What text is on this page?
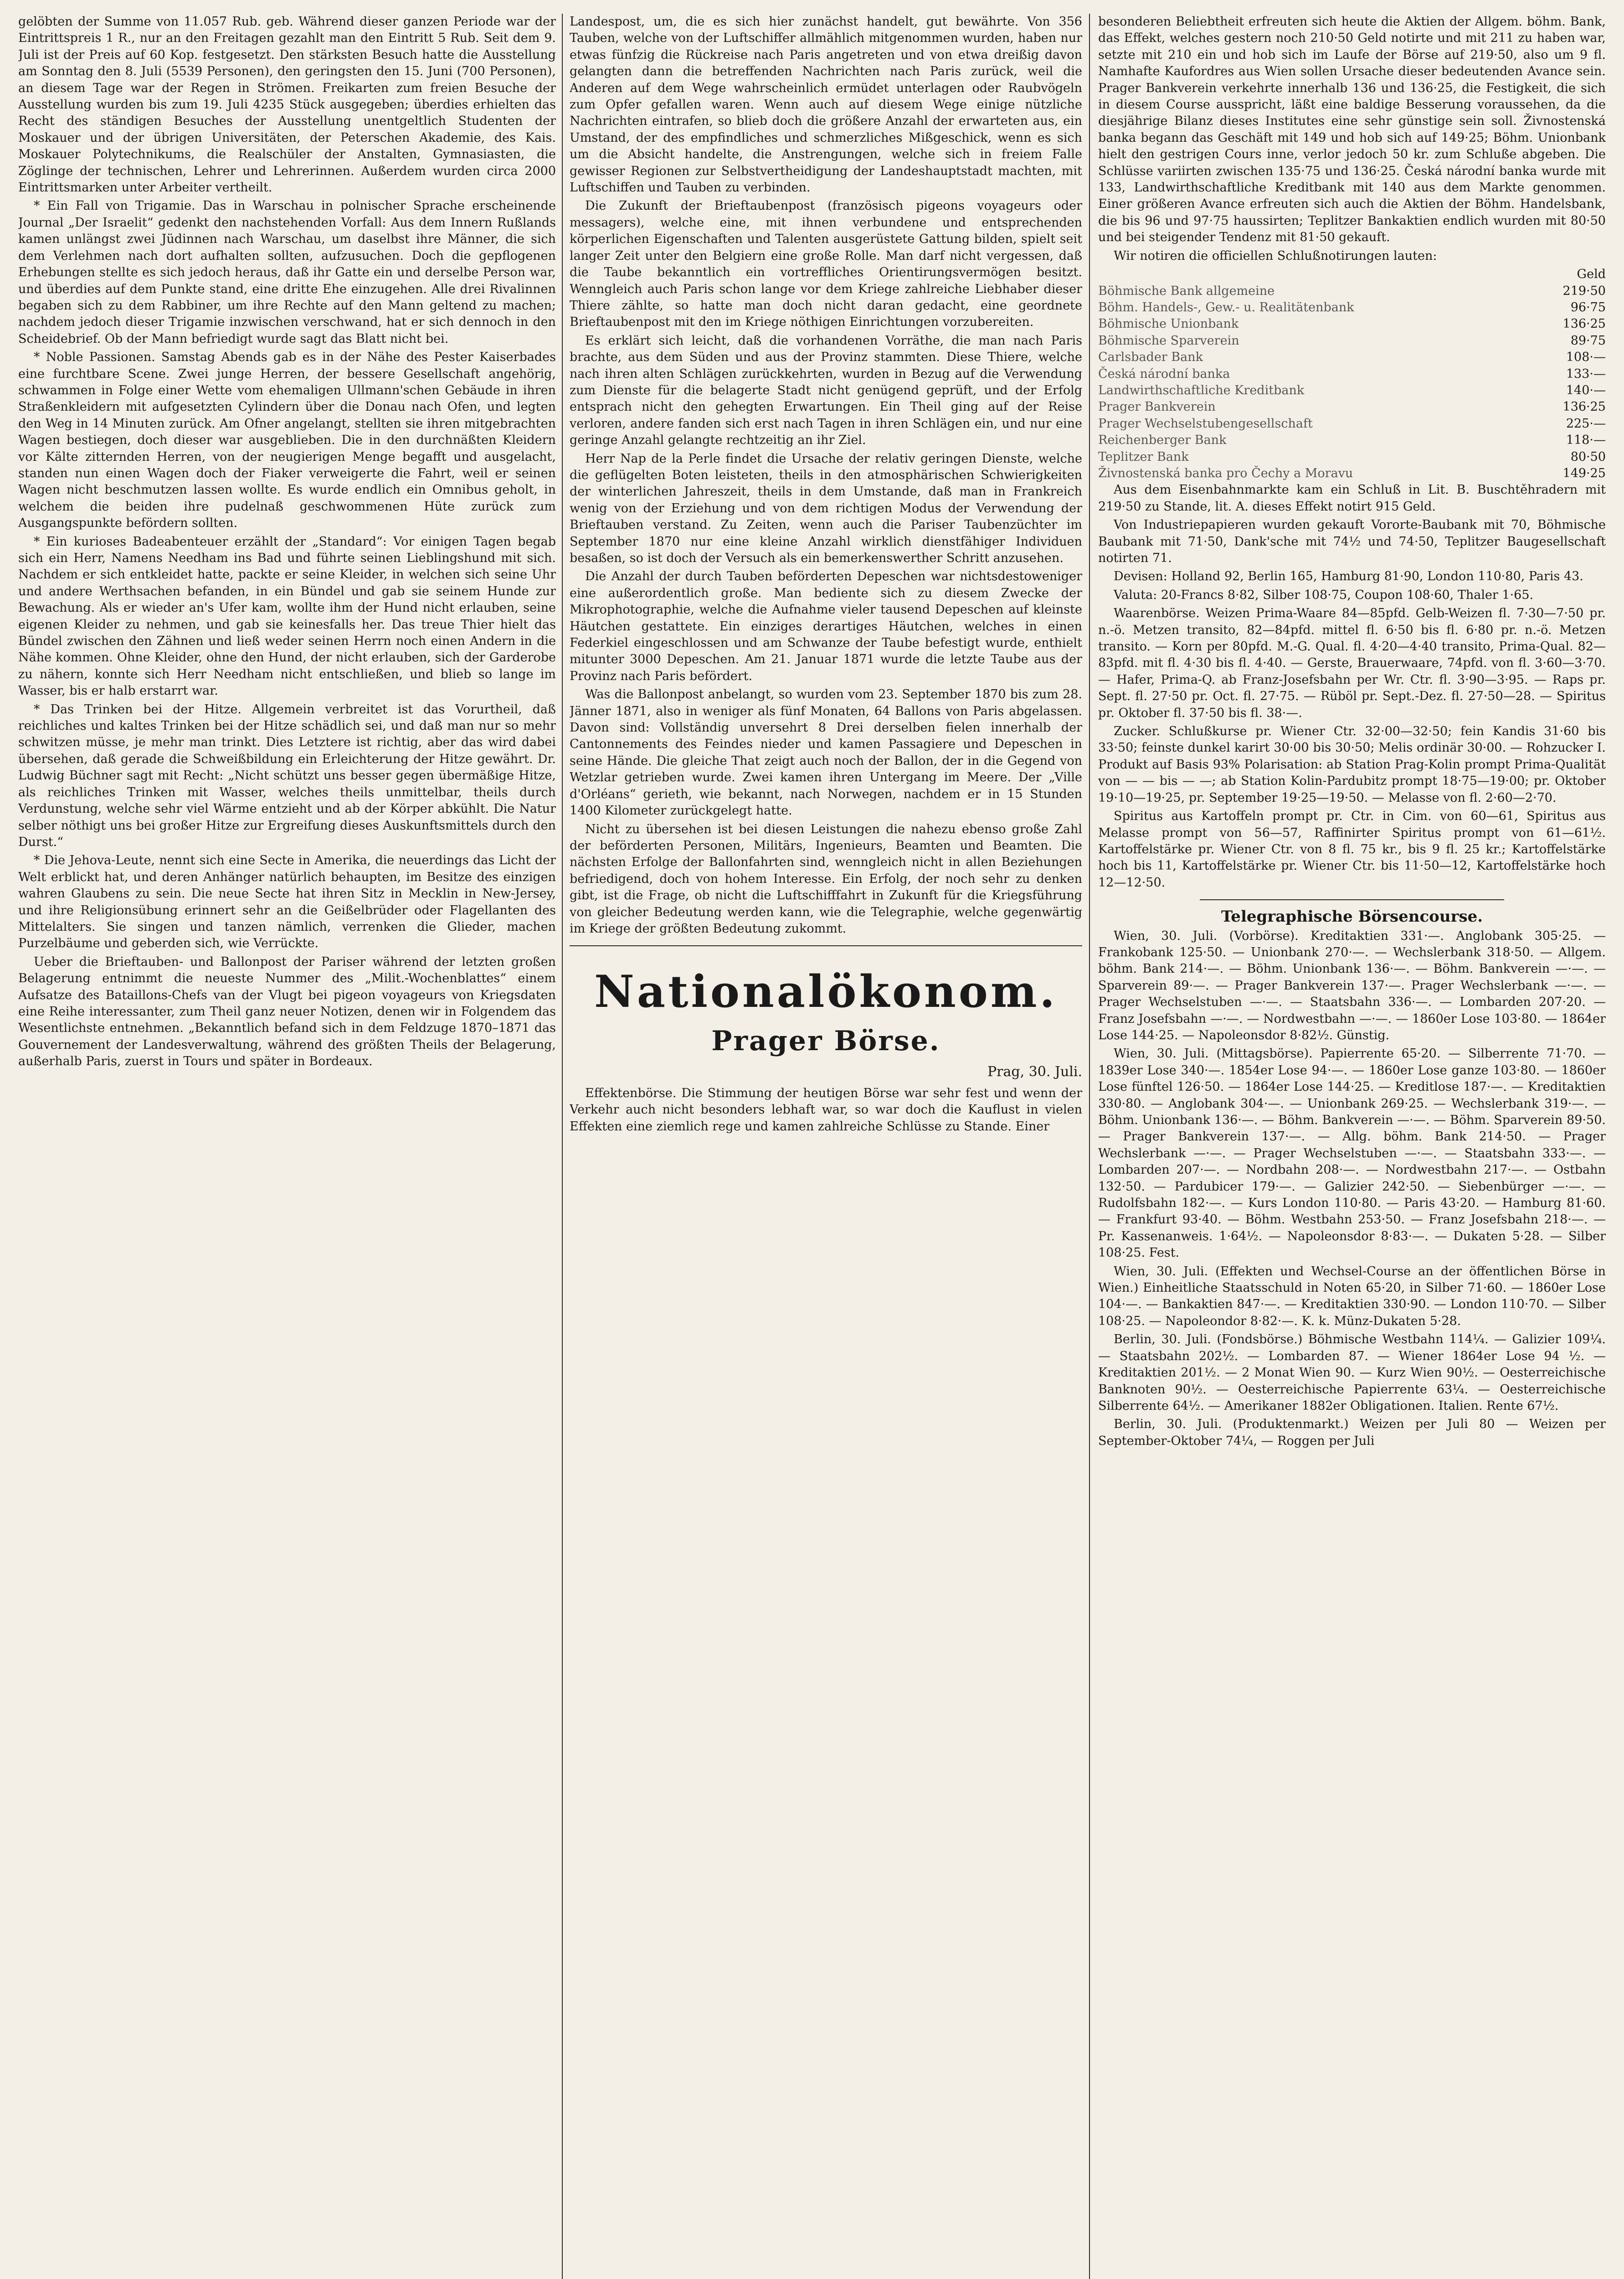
gelöbten der Summe von 11.057 Rub. geb. Während dieser ganzen Periode war der Eintrittspreis 1 R., nur an den Freitagen gezahlt man den Eintritt 5 Rub. Seit dem 9. Juli ist der Preis auf 60 Kop. festgesetzt. Den stärksten Besuch hatte die Ausstellung am Sonntag den 8. Juli (5539 Personen), den geringsten den 15. Juni (700 Personen), an diesem Tage war der Regen in Strömen. Freikarten zum freien Besuche der Ausstellung wurden bis zum 19. Juli 4235 Stück ausgegeben; überdies erhielten das Recht des ständigen Besuches der Ausstellung unentgeltlich Studenten der Moskauer und der übrigen Universitäten, der Peterschen Akademie, des Kais. Moskauer Polytechnikums, die Realschüler der Anstalten, Gymnasiasten, die Zöglinge der technischen, Lehrer und Lehrerinnen. Außerdem wurden circa 2000 Eintrittsmarken unter Arbeiter vertheilt.

* Ein Fall von Trigamie. Das in Warschau in polnischer Sprache erscheinende Journal „Der Israelit“ gedenkt den nachstehenden Vorfall: Aus dem Innern Rußlands kamen unlängst zwei Jüdinnen nach Warschau, um daselbst ihre Männer, die sich dem Verlehmen nach dort aufhalten sollten, aufzusuchen. Doch die gepflogenen Erhebungen stellte es sich jedoch heraus, daß ihr Gatte ein und derselbe Person war, und überdies auf dem Punkte stand, eine dritte Ehe einzugehen. Alle drei Rivalinnen begaben sich zu dem Rabbiner, um ihre Rechte auf den Mann geltend zu machen; nachdem jedoch dieser Trigamie inzwischen verschwand, hat er sich dennoch in den Scheidebrief. Ob der Mann befriedigt wurde sagt das Blatt nicht bei.

* Noble Passionen. Samstag Abends gab es in der Nähe des Pester Kaiserbades eine furchtbare Scene. Zwei junge Herren, der bessere Gesellschaft angehörig, schwammen in Folge einer Wette vom ehemaligen Ullmann'schen Gebäude in ihren Straßenkleidern mit aufgesetzten Cylindern über die Donau nach Ofen, und legten den Weg in 14 Minuten zurück. Am Ofner angelangt, stellten sie ihren mitgebrachten Wagen bestiegen, doch dieser war ausgeblieben. Die in den durchnäßten Kleidern vor Kälte zitternden Herren, von der neugierigen Menge begafft und ausgelacht, standen nun einen Wagen doch der Fiaker verweigerte die Fahrt, weil er seinen Wagen nicht beschmutzen lassen wollte. Es wurde endlich ein Omnibus geholt, in welchem die beiden ihre pudelnaß geschwommenen Hüte zurück zum Ausgangspunkte befördern sollten.

* Ein kurioses Badeabenteuer erzählt der „Standard“: Vor einigen Tagen begab sich ein Herr, Namens Needham ins Bad und führte seinen Lieblingshund mit sich. Nachdem er sich entkleidet hatte, packte er seine Kleider, in welchen sich seine Uhr und andere Werthsachen befanden, in ein Bündel und gab sie seinem Hunde zur Bewachung. Als er wieder an's Ufer kam, wollte ihm der Hund nicht erlauben, seine eigenen Kleider zu nehmen, und gab sie keinesfalls her. Das treue Thier hielt das Bündel zwischen den Zähnen und ließ weder seinen Herrn noch einen Andern in die Nähe kommen. Ohne Kleider, ohne den Hund, der nicht erlauben, sich der Garderobe zu nähern, konnte sich Herr Needham nicht entschließen, und blieb so lange im Wasser, bis er halb erstarrt war.

* Das Trinken bei der Hitze. Allgemein verbreitet ist das Vorurtheil, daß reichliches und kaltes Trinken bei der Hitze schädlich sei, und daß man nur so mehr schwitzen müsse, je mehr man trinkt. Dies Letztere ist richtig, aber das wird dabei übersehen, daß gerade die Schweißbildung ein Erleichterung der Hitze gewährt. Dr. Ludwig Büchner sagt mit Recht: „Nicht schützt uns besser gegen übermäßige Hitze, als reichliches Trinken mit Wasser, welches theils unmittelbar, theils durch Verdunstung, welche sehr viel Wärme entzieht und ab der Körper abkühlt. Die Natur selber nöthigt uns bei großer Hitze zur Ergreifung dieses Auskunftsmittels durch den Durst.“

* Die Jehova-Leute, nennt sich eine Secte in Amerika, die neuerdings das Licht der Welt erblickt hat, und deren Anhänger natürlich behaupten, im Besitze des einzigen wahren Glaubens zu sein. Die neue Secte hat ihren Sitz in Mecklin in New-Jersey, und ihre Religionsübung erinnert sehr an die Geißelbrüder oder Flagellanten des Mittelalters. Sie singen und tanzen nämlich, verrenken die Glieder, machen Purzelbäume und geberden sich, wie Verrückte.

Ueber die Brieftauben- und Ballonpost der Pariser während der letzten großen Belagerung entnimmt die neueste Nummer des „Milit.-Wochenblattes“ einem Aufsatze des Bataillons-Chefs van der Vlugt bei pigeon voyageurs von Kriegsdaten eine Reihe interessanter, zum Theil ganz neuer Notizen, denen wir in Folgendem das Wesentlichste entnehmen. „Bekanntlich befand sich in dem Feldzuge 1870–1871 das Gouvernement der Landesverwaltung, während des größten Theils der Belagerung, außerhalb Paris, zuerst in Tours und später in Bordeaux.

Landespost, um, die es sich hier zunächst handelt, gut bewährte. Von 356 Tauben, welche von der Luftschiffer allmählich mitgenommen wurden, haben nur etwas fünfzig die Rückreise nach Paris angetreten und von etwa dreißig davon gelangten dann die betreffenden Nachrichten nach Paris zurück, weil die Anderen auf dem Wege wahrscheinlich ermüdet unterlagen oder Raubvögeln zum Opfer gefallen waren. Wenn auch auf diesem Wege einige nützliche Nachrichten eintrafen, so blieb doch die größere Anzahl der erwarteten aus, ein Umstand, der des empfindliches und schmerzliches Mißgeschick, wenn es sich um die Absicht handelte, die Anstrengungen, welche sich in freiem Falle gewisser Regionen zur Selbstvertheidigung der Landeshauptstadt machten, mit Luftschiffen und Tauben zu verbinden.

Die Zukunft der Brieftaubenpost (französisch pigeons voyageurs oder messagers), welche eine, mit ihnen verbundene und entsprechenden körperlichen Eigenschaften und Talenten ausgerüstete Gattung bilden, spielt seit langer Zeit unter den Belgiern eine große Rolle. Man darf nicht vergessen, daß die Taube bekanntlich ein vortreffliches Orientirungsvermögen besitzt. Wenngleich auch Paris schon lange vor dem Kriege zahlreiche Liebhaber dieser Thiere zählte, so hatte man doch nicht daran gedacht, eine geordnete Brieftaubenpost mit den im Kriege nöthigen Einrichtungen vorzubereiten.

Es erklärt sich leicht, daß die vorhandenen Vorräthe, die man nach Paris brachte, aus dem Süden und aus der Provinz stammten. Diese Thiere, welche nach ihren alten Schlägen zurückkehrten, wurden in Bezug auf die Verwendung zum Dienste für die belagerte Stadt nicht genügend geprüft, und der Erfolg entsprach nicht den gehegten Erwartungen. Ein Theil ging auf der Reise verloren, andere fanden sich erst nach Tagen in ihren Schlägen ein, und nur eine geringe Anzahl gelangte rechtzeitig an ihr Ziel.

Herr Nap de la Perle findet die Ursache der relativ geringen Dienste, welche die geflügelten Boten leisteten, theils in den atmosphärischen Schwierigkeiten der winterlichen Jahreszeit, theils in dem Umstande, daß man in Frankreich wenig von der Erziehung und von dem richtigen Modus der Verwendung der Brieftauben verstand. Zu Zeiten, wenn auch die Pariser Taubenzüchter im September 1870 nur eine kleine Anzahl wirklich dienstfähiger Individuen besaßen, so ist doch der Versuch als ein bemerkenswerther Schritt anzusehen.

Die Anzahl der durch Tauben beförderten Depeschen war nichtsdestoweniger eine außerordentlich große. Man bediente sich zu diesem Zwecke der Mikrophotographie, welche die Aufnahme vieler tausend Depeschen auf kleinste Häutchen gestattete. Ein einziges derartiges Häutchen, welches in einen Federkiel eingeschlossen und am Schwanze der Taube befestigt wurde, enthielt mitunter 3000 Depeschen. Am 21. Januar 1871 wurde die letzte Taube aus der Provinz nach Paris befördert.

Was die Ballonpost anbelangt, so wurden vom 23. September 1870 bis zum 28. Jänner 1871, also in weniger als fünf Monaten, 64 Ballons von Paris abgelassen. Davon sind: Vollständig unversehrt 8 Drei derselben fielen innerhalb der Cantonnements des Feindes nieder und kamen Passagiere und Depeschen in seine Hände. Die gleiche That zeigt auch noch der Ballon, der in die Gegend von Wetzlar getrieben wurde. Zwei kamen ihren Untergang im Meere. Der „Ville d'Orléans“ gerieth, wie bekannt, nach Norwegen, nachdem er in 15 Stunden 1400 Kilometer zurückgelegt hatte.

Nicht zu übersehen ist bei diesen Leistungen die nahezu ebenso große Zahl der beförderten Personen, Militärs, Ingenieurs, Beamten und Beamten. Die nächsten Erfolge der Ballonfahrten sind, wenngleich nicht in allen Beziehungen befriedigend, doch von hohem Interesse. Ein Erfolg, der noch sehr zu denken gibt, ist die Frage, ob nicht die Luftschifffahrt in Zukunft für die Kriegsführung von gleicher Bedeutung werden kann, wie die Telegraphie, welche gegenwärtig im Kriege der größten Bedeutung zukommt.

Nationalökonom.
Prager Börse.
Prag, 30. Juli.

Effektenbörse. Die Stimmung der heutigen Börse war sehr fest und wenn der Verkehr auch nicht besonders lebhaft war, so war doch die Kauflust in vielen Effekten eine ziemlich rege und kamen zahlreiche Schlüsse zu Stande. Einer

besonderen Beliebtheit erfreuten sich heute die Aktien der Allgem. böhm. Bank, das Effekt, welches gestern noch 210·50 Geld notirte und mit 211 zu haben war, setzte mit 210 ein und hob sich im Laufe der Börse auf 219·50, also um 9 fl. Namhafte Kaufordres aus Wien sollen Ursache dieser bedeutenden Avance sein. Prager Bankverein verkehrte innerhalb 136 und 136·25, die Festigkeit, die sich in diesem Course ausspricht, läßt eine baldige Besserung voraussehen, da die diesjährige Bilanz dieses Institutes eine sehr günstige sein soll. Živnostenská banka begann das Geschäft mit 149 und hob sich auf 149·25; Böhm. Unionbank hielt den gestrigen Cours inne, verlor jedoch 50 kr. zum Schluße abgeben. Die Schlüsse variirten zwischen 135·75 und 136·25. Česká národní banka wurde mit 133, Landwirthschaftliche Kreditbank mit 140 aus dem Markte genommen. Einer größeren Avance erfreuten sich auch die Aktien der Böhm. Handelsbank, die bis 96 und 97·75 haussirten; Teplitzer Bankaktien endlich wurden mit 80·50 und bei steigender Tendenz mit 81·50 gekauft.

Wir notiren die officiellen Schlußnotirungen lauten:

	Geld
Böhmische Bank allgemeine	219·50
Böhm. Handels-, Gew.- u. Realitätenbank	96·75
Böhmische Unionbank	136·25
Böhmische Sparverein	89·75
Carlsbader Bank	108·—
Česká národní banka	133·—
Landwirthschaftliche Kreditbank	140·—
Prager Bankverein	136·25
Prager Wechselstubengesellschaft	225·—
Reichenberger Bank	118·—
Teplitzer Bank	80·50
Živnostenská banka pro Čechy a Moravu	149·25

Aus dem Eisenbahnmarkte kam ein Schluß in Lit. B. Buschtěhradern mit 219·50 zu Stande, lit. A. dieses Effekt notirt 915 Geld.

Von Industriepapieren wurden gekauft Vororte-Baubank mit 70, Böhmische Baubank mit 71·50, Dank'sche mit 74½ und 74·50, Teplitzer Baugesellschaft notirten 71.

Devisen: Holland 92, Berlin 165, Hamburg 81·90, London 110·80, Paris 43.

Valuta: 20-Francs 8·82, Silber 108·75, Coupon 108·60, Thaler 1·65.

Waarenbörse. Weizen Prima-Waare 84—85pfd. Gelb-Weizen fl. 7·30—7·50 pr. n.-ö. Metzen transito, 82—84pfd. mittel fl. 6·50 bis fl. 6·80 pr. n.-ö. Metzen transito. — Korn per 80pfd. M.-G. Qual. fl. 4·20—4·40 transito, Prima-Qual. 82—83pfd. mit fl. 4·30 bis fl. 4·40. — Gerste, Brauerwaare, 74pfd. von fl. 3·60—3·70. — Hafer, Prima-Q. ab Franz-Josefsbahn per Wr. Ctr. fl. 3·90—3·95. — Raps pr. Sept. fl. 27·50 pr. Oct. fl. 27·75. — Rüböl pr. Sept.-Dez. fl. 27·50—28. — Spiritus pr. Oktober fl. 37·50 bis fl. 38·—.

Zucker. Schlußkurse pr. Wiener Ctr. 32·00—32·50; fein Kandis 31·60 bis 33·50; feinste dunkel karirt 30·00 bis 30·50; Melis ordinär 30·00. — Rohzucker I. Produkt auf Basis 93% Polarisation: ab Station Prag-Kolin prompt Prima-Qualität von — — bis — —; ab Station Kolin-Pardubitz prompt 18·75—19·00; pr. Oktober 19·10—19·25, pr. September 19·25—19·50. — Melasse von fl. 2·60—2·70.

Spiritus aus Kartoffeln prompt pr. Ctr. in Cim. von 60—61, Spiritus aus Melasse prompt von 56—57, Raffinirter Spiritus prompt von 61—61½. Kartoffelstärke pr. Wiener Ctr. von 8 fl. 75 kr., bis 9 fl. 25 kr.; Kartoffelstärke hoch bis 11, Kartoffelstärke pr. Wiener Ctr. bis 11·50—12, Kartoffelstärke hoch 12—12·50.

Telegraphische Börsencourse.

Wien, 30. Juli. (Vorbörse). Kreditaktien 331·—. Anglobank 305·25. — Frankobank 125·50. — Unionbank 270·—. — Wechslerbank 318·50. — Allgem. böhm. Bank 214·—. — Böhm. Unionbank 136·—. — Böhm. Bankverein —·—. — Sparverein 89·—. — Prager Bankverein 137·—. Prager Wechslerbank —·—. — Prager Wechselstuben —·—. — Staatsbahn 336·—. — Lombarden 207·20. — Franz Josefsbahn —·—. — Nordwestbahn —·—. — 1860er Lose 103·80. — 1864er Lose 144·25. — Napoleonsdor 8·82½. Günstig.

Wien, 30. Juli. (Mittagsbörse). Papierrente 65·20. — Silberrente 71·70. — 1839er Lose 340·—. 1854er Lose 94·—. — 1860er Lose ganze 103·80. — 1860er Lose fünftel 126·50. — 1864er Lose 144·25. — Kreditlose 187·—. — Kreditaktien 330·80. — Anglobank 304·—. — Unionbank 269·25. — Wechslerbank 319·—. — Böhm. Unionbank 136·—. — Böhm. Bankverein —·—. — Böhm. Sparverein 89·50. — Prager Bankverein 137·—. — Allg. böhm. Bank 214·50. — Prager Wechslerbank —·—. — Prager Wechselstuben —·—. — Staatsbahn 333·—. — Lombarden 207·—. — Nordbahn 208·—. — Nordwestbahn 217·—. — Ostbahn 132·50. — Pardubicer 179·—. — Galizier 242·50. — Siebenbürger —·—. — Rudolfsbahn 182·—. — Kurs London 110·80. — Paris 43·20. — Hamburg 81·60. — Frankfurt 93·40. — Böhm. Westbahn 253·50. — Franz Josefsbahn 218·—. — Pr. Kassenanweis. 1·64½. — Napoleonsdor 8·83·—. — Dukaten 5·28. — Silber 108·25. Fest.

Wien, 30. Juli. (Effekten und Wechsel-Course an der öffentlichen Börse in Wien.) Einheitliche Staatsschuld in Noten 65·20, in Silber 71·60. — 1860er Lose 104·—. — Bankaktien 847·—. — Kreditaktien 330·90. — London 110·70. — Silber 108·25. — Napoleondor 8·82·—. K. k. Münz-Dukaten 5·28.

Berlin, 30. Juli. (Fondsbörse.) Böhmische Westbahn 114¼. — Galizier 109¼. — Staatsbahn 202½. — Lombarden 87. — Wiener 1864er Lose 94 ½. — Kreditaktien 201½. — 2 Monat Wien 90. — Kurz Wien 90½. — Oesterreichische Banknoten 90½. — Oesterreichische Papierrente 63¼. — Oesterreichische Silberrente 64½. — Amerikaner 1882er Obligationen. Italien. Rente 67½.

Berlin, 30. Juli. (Produktenmarkt.) Weizen per Juli 80 — Weizen per September-Oktober 74¼, — Roggen per Juli
